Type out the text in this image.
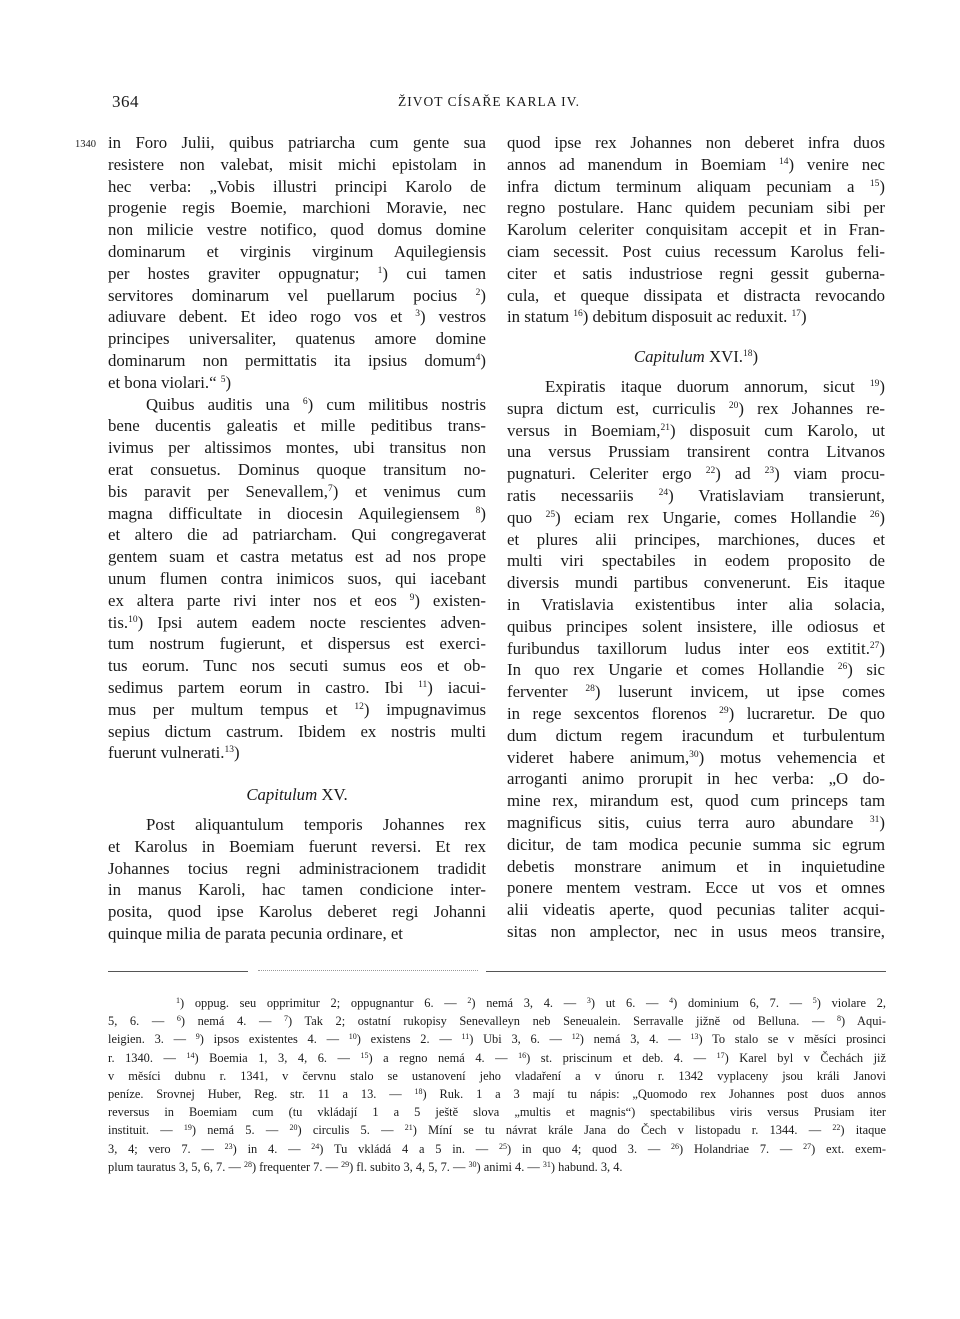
364	ŽIVOT CÍSAŘE KARLA IV.
1340 in Foro Julii, quibus patriarcha cum gente sua
resistere non valebat, misit michi epistolam in
hec verba: „Vobis illustri principi Karolo de
progenie regis Boemie, marchioni Moravie, nec
non milicie vestre notifico, quod domus domine
dominarum et virginis virginum Aquilegiensis
per hostes graviter oppugnatur; $^1$) cui tamen
servitores dominarum vel puellarum pocius $^2$)
adiuvare debent. Et ideo rogo vos et $^3$) vestros
principes universaliter, quatenus amore domine
dominarum non permittatis ita ipsius domum$^4$)
et bona violari.“ $^5$)
Quibus auditis una $^6$) cum militibus nostris
bene ducentis galeatis et mille peditibus trans-
ivimus per altissimos montes, ubi transitus non
erat consuetus. Dominus quoque transitum no-
bis paravit per Senevallem,$^7$) et venimus cum
magna difficultate in diocesin Aquilegiensem $^8$)
et altero die ad patriarcham. Qui congregaverat
gentem suam et castra metatus est ad nos prope
unum flumen contra inimicos suos, qui iacebant
ex altera parte rivi inter nos et eos $^9$) existen-
tis.$^{10}$) Ipsi autem eadem nocte rescientes adven-
tum nostrum fugierunt, et dispersus est exerci-
tus eorum. Tunc nos secuti sumus eos et ob-
sedimus partem eorum in castro. Ibi $^{11}$) iacui-
mus per multum tempus et $^{12}$) impugnavimus
sepius dictum castrum. Ibidem ex nostris multi
fuerunt vulnerati.$^{13}$)
Capitulum XV.
Post aliquantulum temporis Johannes rex
et Karolus in Boemiam fuerunt reversi. Et rex
Johannes tocius regni administracionem tradidit
in manus Karoli, hac tamen condicione inter-
posita, quod ipse Karolus deberet regi Johanni
quinque milia de parata pecunia ordinare, et
quod ipse rex Johannes non deberet infra duos
annos ad manendum in Boemiam $^{14}$) venire nec
infra dictum terminum aliquam pecuniam a $^{15}$)
regno postulare. Hanc quidem pecuniam sibi per
Karolum celeriter conquisitam accepit et in Fran-
ciam secessit. Post cuius recessum Karolus feli-
citer et satis industriose regni gessit guberna-
cula, et queque dissipata et distracta revocando
in statum $^{16}$) debitum disposuit ac reduxit. $^{17}$)
Capitulum XVI.$^{18}$)
Expiratis itaque duorum annorum, sicut $^{19}$)
supra dictum est, curriculis $^{20}$) rex Johannes re-
versus in Boemiam,$^{21}$) disposuit cum Karolo, ut
una versus Prussiam transirent contra Litvanos
pugnaturi. Celeriter ergo $^{22}$) ad $^{23}$) viam procu-
ratis necessariis $^{24}$) Vratislaviam transierunt,
quo $^{25}$) eciam rex Ungarie, comes Hollandie $^{26}$)
et plures alii principes, marchiones, duces et
multi viri spectabiles in eodem proposito de
diversis mundi partibus convenerunt. Eis itaque
in Vratislavia existentibus inter alia solacia,
quibus principes solent insistere, ille odiosus et
furibundus taxillorum ludus inter eos extitit.$^{27}$)
In quo rex Ungarie et comes Hollandie $^{26}$) sic
ferventer $^{28}$) luserunt invicem, ut ipse comes
in rege sexcentos florenos $^{29}$) lucraretur. De quo
dum dictum regem iracundum et turbulentum
videret habere animum,$^{30}$) motus vehemencia et
arroganti animo prorupit in hec verba: „O do-
mine rex, mirandum est, quod cum princeps tam
magnificus sitis, cuius terra auro abundare $^{31}$)
dicitur, de tam modica pecunie summa sic egrum
debetis monstrare animum et in inquietudine
ponere mentem vestram. Ecce ut vos et omnes
alii videatis aperte, quod pecunias taliter acqui-
sitas non amplector, nec in usus meos transire,
$^1$) oppug. seu opprimitur 2; oppugnantur 6. — $^2$) nemá 3, 4. — $^3$) ut 6. — $^4$) dominium 6, 7. — $^5$) violare 2,
5, 6. — $^6$) nemá 4. — $^7$) Tak 2; ostatní rukopisy Senevalleyn neb Seneualein. Serravalle jižně od Belluna. — $^8$) Aqui-
leigien. 3. — $^9$) ipsos existentes 4. — $^{10}$) existens 2. — $^{11}$) Ubi 3, 6. — $^{12}$) nemá 3, 4. — $^{13}$) To stalo se v měsíci prosinci
r. 1340. — $^{14}$) Boemia 1, 3, 4, 6. — $^{15}$) a regno nemá 4. — $^{16}$) st. priscinum et deb. 4. — $^{17}$) Karel byl v Čechách již
v měsíci dubnu r. 1341, v červnu stalo se ustanovení jeho vladaření a v únoru r. 1342 vyplaceny jsou králi Janovi
peníze. Srovnej Huber, Reg. str. 11 a 13. — $^{18}$) Ruk. 1 a 3 mají tu nápis: „Quomodo rex Johannes post duos annos
reversus in Boemiam cum (tu vkládají 1 a 5 ještě slova „multis et magnis“) spectabilibus viris versus Prusiam iter
instituit. — $^{19}$) nemá 5. — $^{20}$) circulis 5. — $^{21}$) Míní se tu návrat krále Jana do Čech v listopadu r. 1344. — $^{22}$) itaque
3, 4; vero 7. — $^{23}$) in 4. — $^{24}$) Tu vkládá 4 a 5 in. — $^{25}$) in quo 4; quod 3. — $^{26}$) Holandriae 7. — $^{27}$) ext. exem-
plum tauratus 3, 5, 6, 7. — $^{28}$) frequenter 7. — $^{29}$) fl. subito 3, 4, 5, 7. — $^{30}$) animi 4. — $^{31}$) habund. 3, 4.
